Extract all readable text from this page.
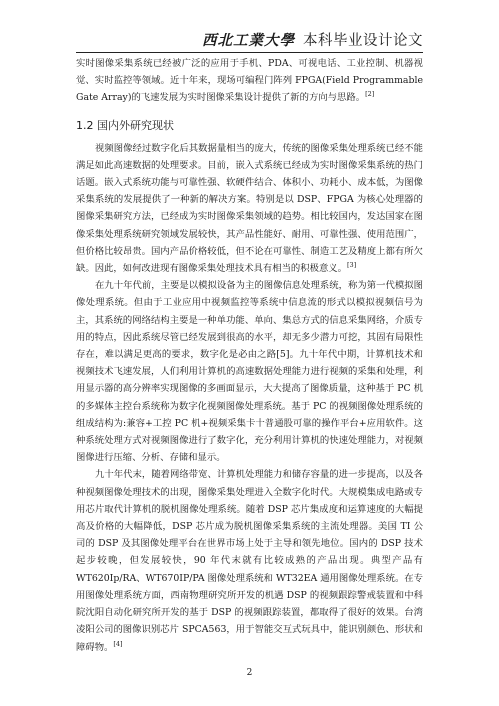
西北工業大學 本科毕业设计论文

实时图像采集系统已经被广泛的应用于手机、PDA、可视电话、工业控制、机器视觉、实时监控等领域。近十年来，现场可编程门阵列 FPGA(Field Programmable Gate Array)的飞速发展为实时图像采集设计提供了新的方向与思路。[2]

1.2 国内外研究现状

视频图像经过数字化后其数据量相当的庞大，传统的图像采集处理系统已经不能满足如此高速数据的处理要求。目前，嵌入式系统已经成为实时图像采集系统的热门话题。嵌入式系统功能与可靠性强、软硬件结合、体积小、功耗小、成本低，为图像采集系统的发展提供了一种新的解决方案。特别是以 DSP、FPGA 为核心处理器的图像采集研究方法，已经成为实时图像采集领域的趋势。相比较国内，发达国家在图像采集处理系统研究领域发展较快，其产品性能好、耐用、可靠性强、使用范围广，但价格比较昂贵。国内产品价格较低，但不论在可靠性、制造工艺及精度上都有所欠缺。因此，如何改进现有图像采集处理技术具有相当的积极意义。[3]

在九十年代前，主要是以模拟设备为主的图像信息处理系统，称为第一代模拟图像处理系统。但由于工业应用中视频监控等系统中信息流的形式以模拟视频信号为主，其系统的网络结构主要是一种单功能、单向、集总方式的信息采集网络，介质专用的特点，因此系统尽管已经发展到很高的水平，却无多少潜力可挖，其固有局限性存在，难以满足更高的要求，数字化是必由之路[5]。九十年代中期，计算机技术和视频技术飞速发展，人们利用计算机的高速数据处理能力进行视频的采集和处理，利用显示器的高分辨率实现图像的多画面显示，大大提高了图像质量，这种基于 PC 机的多媒体主控台系统称为数字化视频图像处理系统。基于 PC 的视频图像处理系统的组成结构为:兼容+工控 PC 机+视频采集卡十普通股可靠的操作平台+应用软件。这种系统处理方式对视频图像进行了数字化，充分利用计算机的快速处理能力，对视频图像进行压缩、分析、存储和显示。

九十年代末，随着网络带宽、计算机处理能力和储存容量的进一步提高，以及各种视频图像处理技术的出现，图像采集处理进入全数字化时代。大规模集成电路或专用芯片取代计算机的脱机图像处理系统。随着 DSP 芯片集成度和运算速度的大幅提高及价格的大幅降低，DSP 芯片成为脱机图像采集系统的主流处理器。美国 TI 公司的 DSP 及其图像处理平台在世界市场上处于主导和领先地位。国内的 DSP 技术起步较晚，但发展较快，90 年代末就有比较成熟的产品出现。典型产品有 WT620Ip/RA、WT670IP/PA 图像处理系统和 WT32EA 通用图像处理系统。在专用图像处理系统方面，西南物理研究所开发的机遇 DSP 的视频跟踪警戒装置和中科院沈阳自动化研究所开发的基于 DSP 的视频跟踪装置，都取得了很好的效果。台湾凌阳公司的图像识别芯片 SPCA563，用于智能交互式玩具中，能识别颜色、形状和障碍物。[4]

2
